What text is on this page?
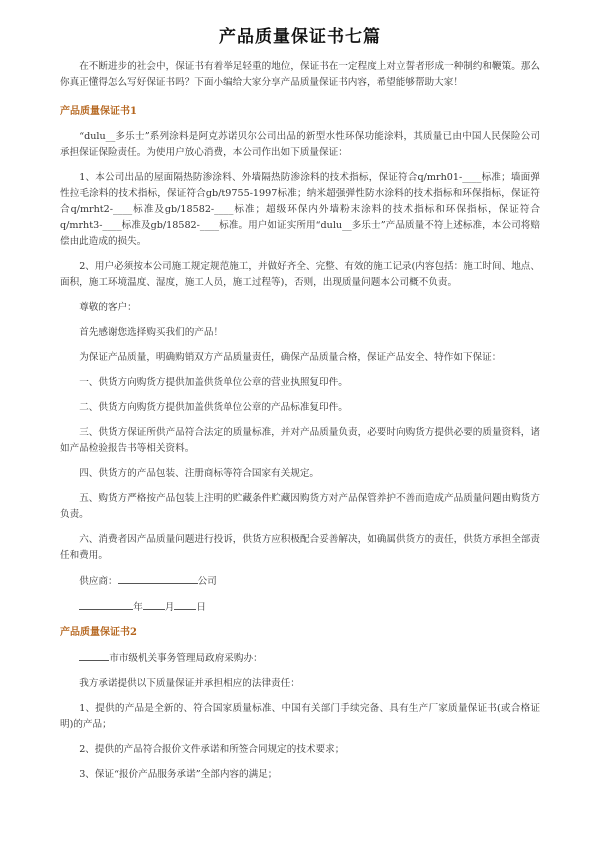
产品质量保证书七篇

在不断进步的社会中，保证书有着举足轻重的地位，保证书在一定程度上对立誓者形成一种制约和鞭策。那么你真正懂得怎么写好保证书吗？下面小编给大家分享产品质量保证书内容，希望能够帮助大家！

产品质量保证书1

“dulu__多乐士”系列涂料是阿克苏诺贝尔公司出品的新型水性环保功能涂料，其质量已由中国人民保险公司承担保证保险责任。为使用户放心消费，本公司作出如下质量保证：

1、本公司出品的屋面隔热防渗涂料、外墙隔热防渗涂料的技术指标，保证符合q/mrh01-____标准；墙面弹性拉毛涂料的技术指标，保证符合gb/t9755-1997标准；纳米超强弹性防水涂料的技术指标和环保指标，保证符合q/mrht2-____标准及gb/18582-____标准；超级环保内外墙粉末涂料的技术指标和环保指标，保证符合q/mrht3-____标准及gb/18582-____标准。用户如证实所用“dulu__多乐士”产品质量不符上述标准，本公司将赔偿由此造成的损失。

2、用户必须按本公司施工规定规范施工，并做好齐全、完整、有效的施工记录(内容包括：施工时间、地点、面积，施工环境温度、湿度，施工人员，施工过程等)，否则，出现质量问题本公司概不负责。

尊敬的客户：

首先感谢您选择购买我们的产品！

为保证产品质量，明确购销双方产品质量责任，确保产品质量合格，保证产品安全、特作如下保证：

一、供货方向购货方提供加盖供货单位公章的营业执照复印件。

二、供货方向购货方提供加盖供货单位公章的产品标准复印件。

三、供货方保证所供产品符合法定的质量标准，并对产品质量负责，必要时向购货方提供必要的质量资料，诸如产品检验报告书等相关资料。

四、供货方的产品包装、注册商标等符合国家有关规定。

五、购货方严格按产品包装上注明的贮藏条件贮藏因购货方对产品保管养护不善而造成产品质量问题由购货方负责。

六、消费者因产品质量问题进行投诉，供货方应积极配合妥善解决，如确属供货方的责任，供货方承担全部责任和费用。

供应商：	公司

年 月 日

产品质量保证书2

市市级机关事务管理局政府采购办：

我方承诺提供以下质量保证并承担相应的法律责任：

1、提供的产品是全新的、符合国家质量标准、中国有关部门手续完备、具有生产厂家质量保证书(或合格证明)的产品；

2、提供的产品符合报价文件承诺和所签合同规定的技术要求；

3、保证“报价产品服务承诺”全部内容的满足；
